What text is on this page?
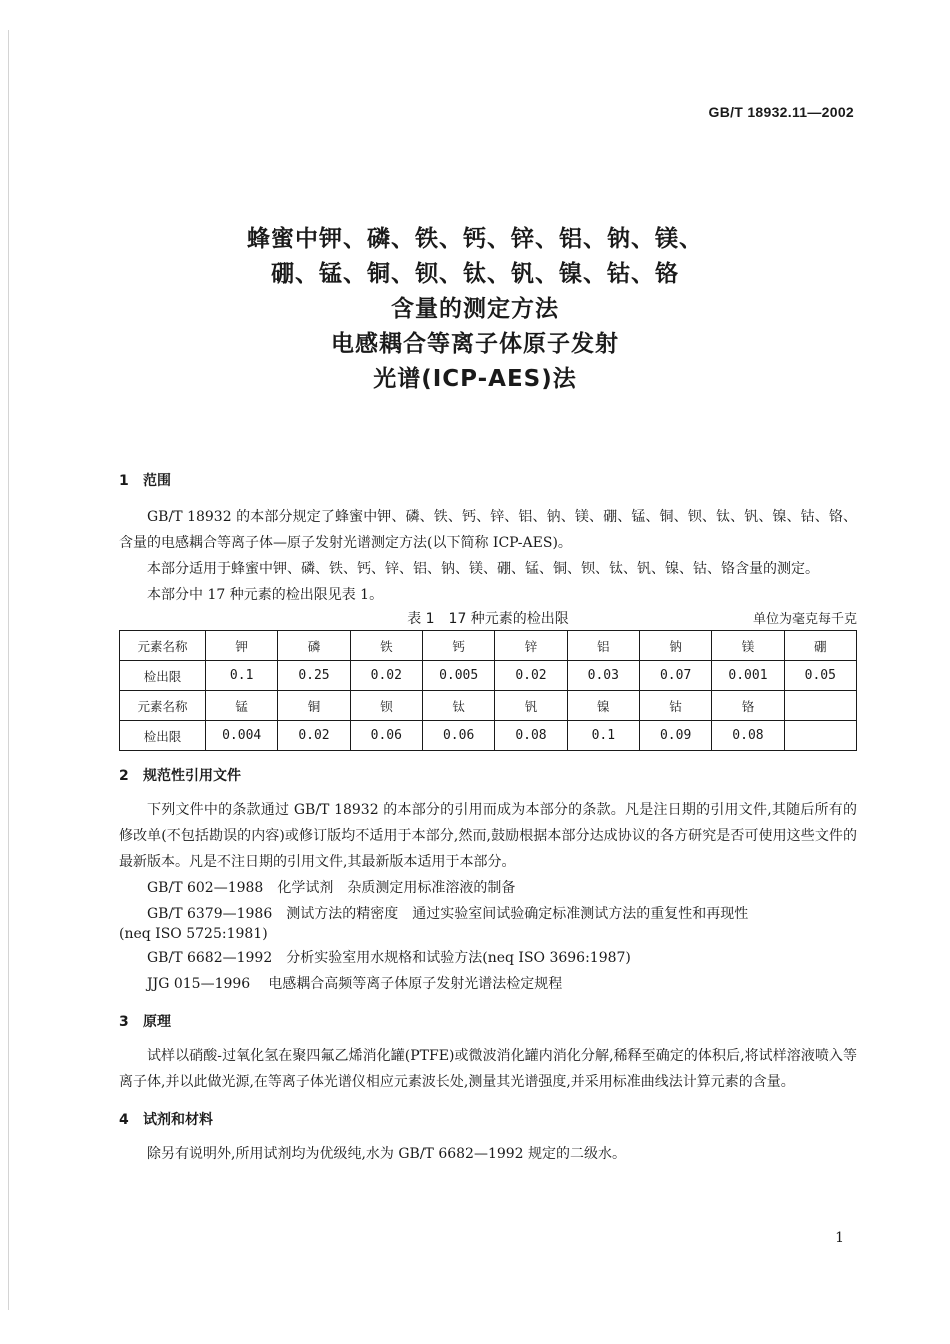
GB/T 18932.11—2002
蜂蜜中钾、磷、铁、钙、锌、铝、钠、镁、
硼、锰、铜、钡、钛、钒、镍、钴、铬
含量的测定方法
电感耦合等离子体原子发射
光谱(ICP-AES)法
1 范围

GB/T 18932 的本部分规定了蜂蜜中钾、磷、铁、钙、锌、铝、钠、镁、硼、锰、铜、钡、钛、钒、镍、钴、铬、含量的电感耦合等离子体—原子发射光谱测定方法(以下简称 ICP-AES)。

本部分适用于蜂蜜中钾、磷、铁、钙、锌、铝、钠、镁、硼、锰、铜、钡、钛、钒、镍、钴、铬含量的测定。

本部分中 17 种元素的检出限见表 1。

表 1　17 种元素的检出限	单位为毫克每千克
元素名称	钾	磷	铁	钙	锌	铝	钠	镁	硼
检出限	0.1	0.25	0.02	0.005	0.02	0.03	0.07	0.001	0.05
元素名称	锰	铜	钡	钛	钒	镍	钴	铬	
检出限	0.004	0.02	0.06	0.06	0.08	0.1	0.09	0.08	
2 规范性引用文件

下列文件中的条款通过 GB/T 18932 的本部分的引用而成为本部分的条款。凡是注日期的引用文件,其随后所有的修改单(不包括勘误的内容)或修订版均不适用于本部分,然而,鼓励根据本部分达成协议的各方研究是否可使用这些文件的最新版本。凡是不注日期的引用文件,其最新版本适用于本部分。

GB/T 602—1988 化学试剂　杂质测定用标准溶液的制备
GB/T 6379—1986 测试方法的精密度　通过实验室间试验确定标准测试方法的重复性和再现性
(neq ISO 5725:1981)
GB/T 6682—1992 分析实验室用水规格和试验方法(neq ISO 3696:1987)
JJG 015—1996 电感耦合高频等离子体原子发射光谱法检定规程
3 原理

试样以硝酸-过氧化氢在聚四氟乙烯消化罐(PTFE)或微波消化罐内消化分解,稀释至确定的体积后,将试样溶液喷入等离子体,并以此做光源,在等离子体光谱仪相应元素波长处,测量其光谱强度,并采用标准曲线法计算元素的含量。

4 试剂和材料

除另有说明外,所用试剂均为优级纯,水为 GB/T 6682—1992 规定的二级水。

1
